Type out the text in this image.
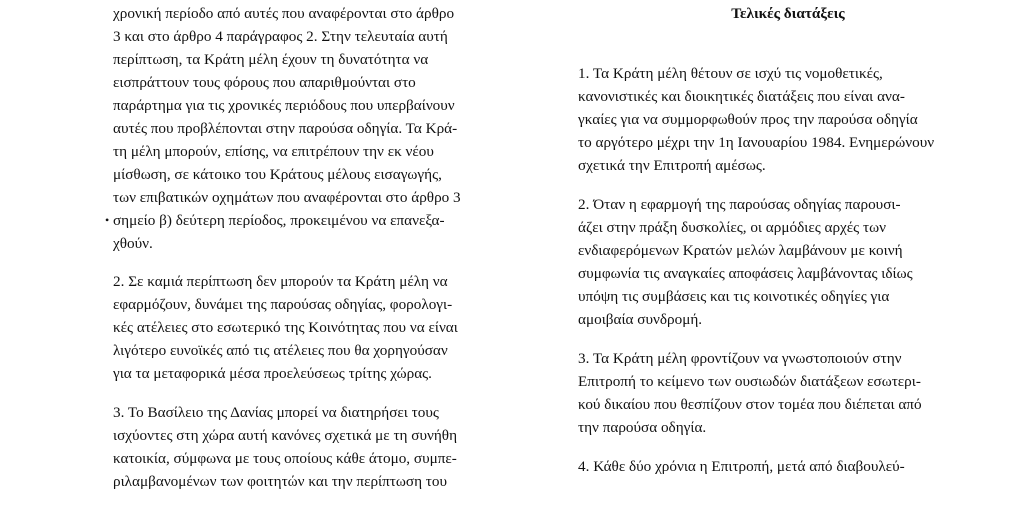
χρονική περίοδο από αυτές που αναφέρονται στο άρθρο
3 και στο άρθρο 4 παράγραφος 2. Στην τελευταία αυτή
περίπτωση, τα Κράτη μέλη έχουν τη δυνατότητα να
εισπράττουν τους φόρους που απαριθμούνται στο
παράρτημα για τις χρονικές περιόδους που υπερβαίνουν
αυτές που προβλέπονται στην παρούσα οδηγία. Τα Κρά-
τη μέλη μπορούν, επίσης, να επιτρέπουν την εκ νέου
μίσθωση, σε κάτοικο του Κράτους μέλους εισαγωγής,
των επιβατικών οχημάτων που αναφέρονται στο άρθρο 3
• σημείο β) δεύτερη περίοδος, προκειμένου να επανεξα-
χθούν.

2. Σε καμιά περίπτωση δεν μπορούν τα Κράτη μέλη να
εφαρμόζουν, δυνάμει της παρούσας οδηγίας, φορολογι-
κές ατέλειες στο εσωτερικό της Κοινότητας που να είναι
λιγότερο ευνοϊκές από τις ατέλειες που θα χορηγούσαν
για τα μεταφορικά μέσα προελεύσεως τρίτης χώρας.

3. Το Βασίλειο της Δανίας μπορεί να διατηρήσει τους
ισχύοντες στη χώρα αυτή κανόνες σχετικά με τη συνήθη
κατοικία, σύμφωνα με τους οποίους κάθε άτομο, συμπε-
ριλαμβανομένων των φοιτητών και την περίπτωση του

Τελικές διατάξεις

1. Τα Κράτη μέλη θέτουν σε ισχύ τις νομοθετικές,
κανονιστικές και διοικητικές διατάξεις που είναι ανα-
γκαίες για να συμμορφωθούν προς την παρούσα οδηγία
το αργότερο μέχρι την 1η Ιανουαρίου 1984. Ενημερώνουν
σχετικά την Επιτροπή αμέσως.

2. Όταν η εφαρμογή της παρούσας οδηγίας παρουσι-
άζει στην πράξη δυσκολίες, οι αρμόδιες αρχές των
ενδιαφερόμενων Κρατών μελών λαμβάνουν με κοινή
συμφωνία τις αναγκαίες αποφάσεις λαμβάνοντας ιδίως
υπόψη τις συμβάσεις και τις κοινοτικές οδηγίες για
αμοιβαία συνδρομή.

3. Τα Κράτη μέλη φροντίζουν να γνωστοποιούν στην
Επιτροπή το κείμενο των ουσιωδών διατάξεων εσωτερι-
κού δικαίου που θεσπίζουν στον τομέα που διέπεται από
την παρούσα οδηγία.

4. Κάθε δύο χρόνια η Επιτροπή, μετά από διαβουλεύ-
